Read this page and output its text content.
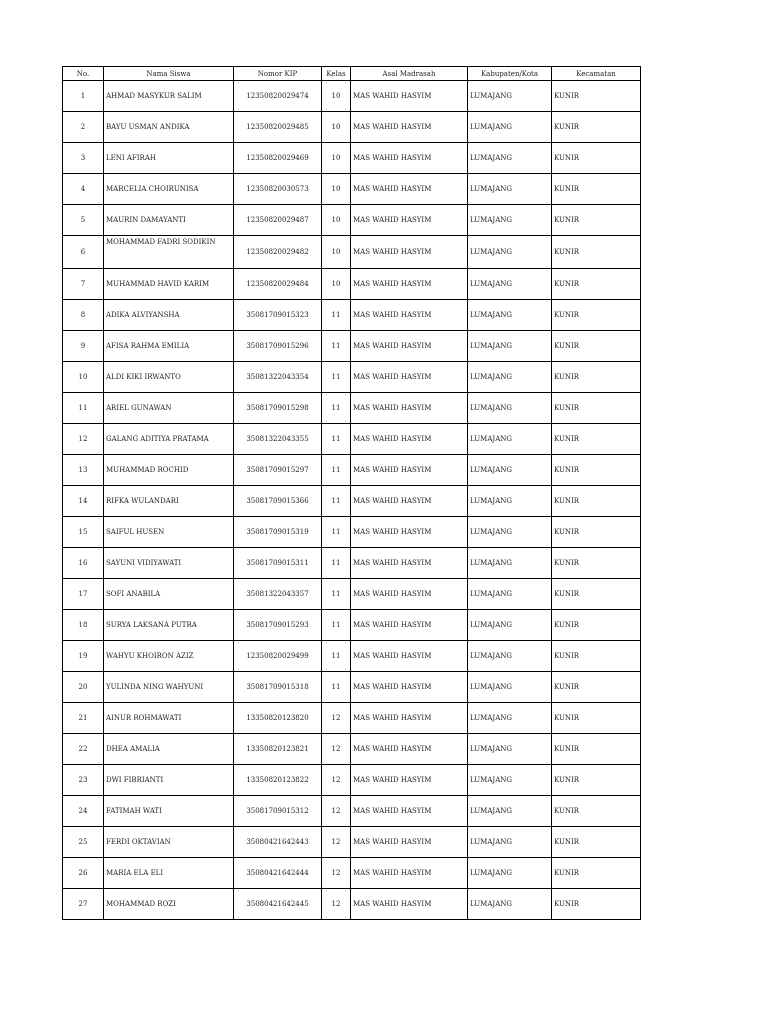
No.	Nama Siswa	Nomor KIP	Kelas	Asal Madrasah	Kabupaten/Kota	Kecamatan
1	AHMAD MASYKUR SALIM	12350820029474	10	MAS WAHID HASYIM	LUMAJANG	KUNIR
2	BAYU USMAN ANDIKA	12350820029485	10	MAS WAHID HASYIM	LUMAJANG	KUNIR
3	LENI AFIRAH	12350820029469	10	MAS WAHID HASYIM	LUMAJANG	KUNIR
4	MARCELIA CHOIRUNISA	12350820030573	10	MAS WAHID HASYIM	LUMAJANG	KUNIR
5	MAURIN DAMAYANTI	12350820029487	10	MAS WAHID HASYIM	LUMAJANG	KUNIR
6	MOHAMMAD FADRI SODIKIN	12350820029482	10	MAS WAHID HASYIM	LUMAJANG	KUNIR
7	MUHAMMAD HAVID KARIM	12350820029484	10	MAS WAHID HASYIM	LUMAJANG	KUNIR
8	ADIKA ALVIYANSHA	35081709015323	11	MAS WAHID HASYIM	LUMAJANG	KUNIR
9	AFISA RAHMA EMILIA	35081709015296	11	MAS WAHID HASYIM	LUMAJANG	KUNIR
10	ALDI KIKI IRWANTO	35081322043354	11	MAS WAHID HASYIM	LUMAJANG	KUNIR
11	ARIEL GUNAWAN	35081709015298	11	MAS WAHID HASYIM	LUMAJANG	KUNIR
12	GALANG ADITIYA PRATAMA	35081322043355	11	MAS WAHID HASYIM	LUMAJANG	KUNIR
13	MUHAMMAD ROCHID	35081709015297	11	MAS WAHID HASYIM	LUMAJANG	KUNIR
14	RIFKA WULANDARI	35081709015366	11	MAS WAHID HASYIM	LUMAJANG	KUNIR
15	SAIFUL HUSEN	35081709015319	11	MAS WAHID HASYIM	LUMAJANG	KUNIR
16	SAYUNI VIDIYAWATI	35081709015311	11	MAS WAHID HASYIM	LUMAJANG	KUNIR
17	SOFI ANABILA	35081322043357	11	MAS WAHID HASYIM	LUMAJANG	KUNIR
18	SURYA LAKSANA PUTRA	35081709015293	11	MAS WAHID HASYIM	LUMAJANG	KUNIR
19	WAHYU KHOIRON AZIZ	12350820029499	11	MAS WAHID HASYIM	LUMAJANG	KUNIR
20	YULINDA NING WAHYUNI	35081709015318	11	MAS WAHID HASYIM	LUMAJANG	KUNIR
21	AINUR ROHMAWATI	13350820123820	12	MAS WAHID HASYIM	LUMAJANG	KUNIR
22	DHEA AMALIA	13350820123821	12	MAS WAHID HASYIM	LUMAJANG	KUNIR
23	DWI FIBRIANTI	13350820123822	12	MAS WAHID HASYIM	LUMAJANG	KUNIR
24	FATIMAH WATI	35081709015312	12	MAS WAHID HASYIM	LUMAJANG	KUNIR
25	FERDI OKTAVIAN	35080421642443	12	MAS WAHID HASYIM	LUMAJANG	KUNIR
26	MARIA ELA ELI	35080421642444	12	MAS WAHID HASYIM	LUMAJANG	KUNIR
27	MOHAMMAD ROZI	35080421642445	12	MAS WAHID HASYIM	LUMAJANG	KUNIR
